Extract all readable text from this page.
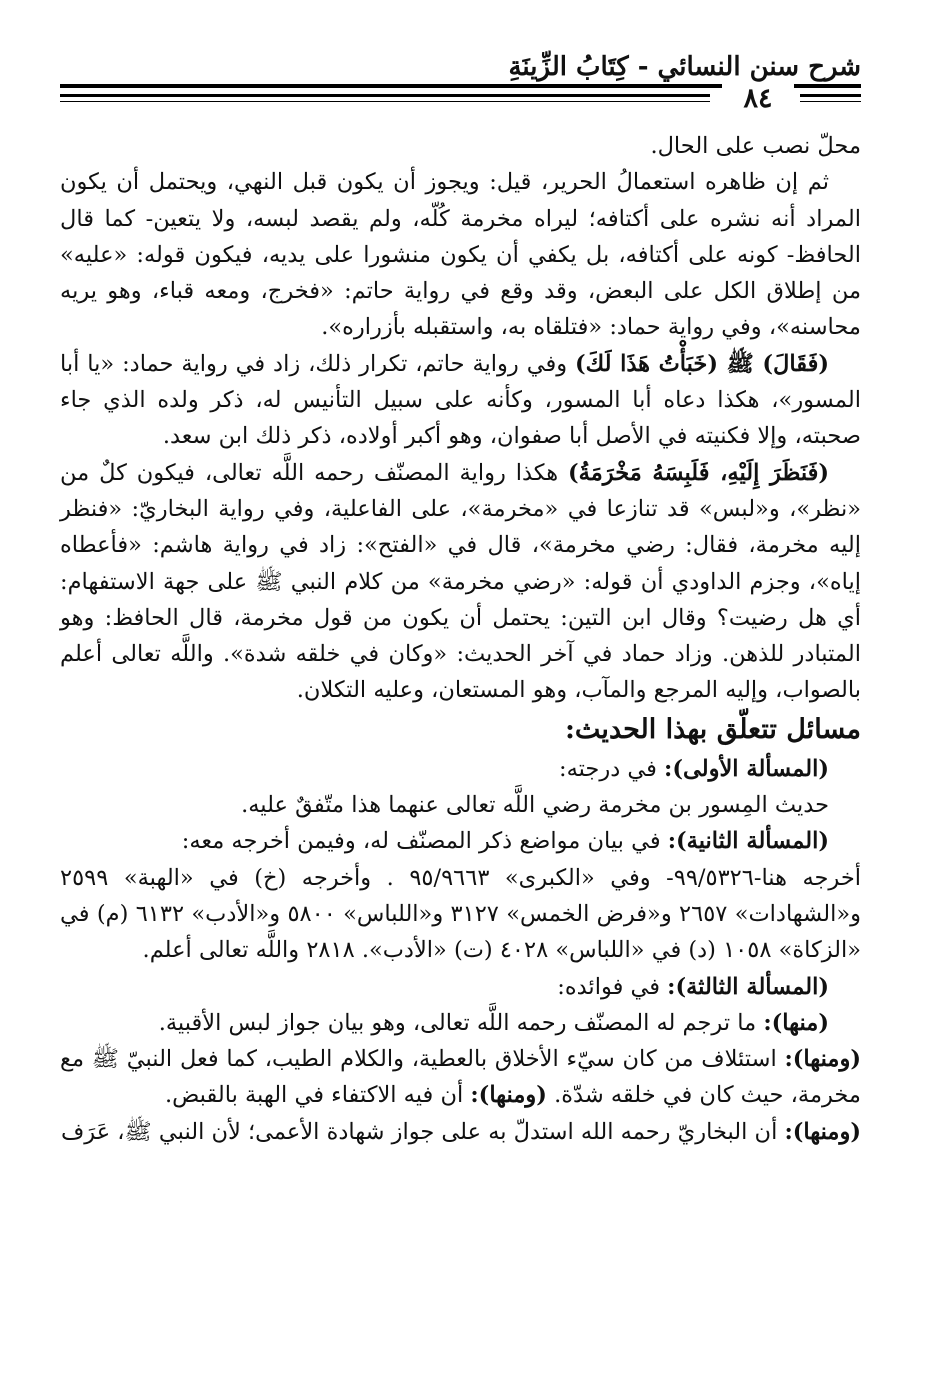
شرح سنن النسائي - كِتَابُ الزِّينَةِ
٨٤

محلّ نصب على الحال.

ثم إن ظاهره استعمالُ الحرير، قيل: ويجوز أن يكون قبل النهي، ويحتمل أن يكون المراد أنه نشره على أكتافه؛ ليراه مخرمة كُلّه، ولم يقصد لبسه، ولا يتعين- كما قال الحافظ- كونه على أكتافه، بل يكفي أن يكون منشورا على يديه، فيكون قوله: «عليه» من إطلاق الكل على البعض، وقد وقع في رواية حاتم: «فخرج، ومعه قباء، وهو يريه محاسنه»، وفي رواية حماد: «فتلقاه به، واستقبله بأزراره».

(فَقَالَ) ﷺ (خَبَأْتُ هَذَا لَكَ) وفي رواية حاتم، تكرار ذلك، زاد في رواية حماد: «يا أبا المسور»، هكذا دعاه أبا المسور، وكأنه على سبيل التأنيس له، ذكر ولده الذي جاء صحبته، وإلا فكنيته في الأصل أبا صفوان، وهو أكبر أولاده، ذكر ذلك ابن سعد.

(فَنَظَرَ إِلَيْهِ، فَلَبِسَهُ مَخْرَمَةُ) هكذا رواية المصنّف رحمه اللَّه تعالى، فيكون كلٌ من «نظر»، و«لبس» قد تنازعا في «مخرمة»، على الفاعلية، وفي رواية البخاريّ: «فنظر إليه مخرمة، فقال: رضي مخرمة»، قال في «الفتح»: زاد في رواية هاشم: «فأعطاه إياه»، وجزم الداودي أن قوله: «رضي مخرمة» من كلام النبي ﷺ على جهة الاستفهام: أي هل رضيت؟ وقال ابن التين: يحتمل أن يكون من قول مخرمة، قال الحافظ: وهو المتبادر للذهن. وزاد حماد في آخر الحديث: «وكان في خلقه شدة». واللَّه تعالى أعلم بالصواب، وإليه المرجع والمآب، وهو المستعان، وعليه التكلان.

مسائل تتعلّق بهذا الحديث:

(المسألة الأولى): في درجته:

حديث المِسور بن مخرمة رضي اللَّه تعالى عنهما هذا متّفقٌ عليه.

(المسألة الثانية): في بيان مواضع ذكر المصنّف له، وفيمن أخرجه معه:

أخرجه هنا-٩٩/٥٣٢٦- وفي «الكبرى» ٩٥/٩٦٦٣ . وأخرجه (خ) في «الهبة» ٢٥٩٩ و«الشهادات» ٢٦٥٧ و«فرض الخمس» ٣١٢٧ و«اللباس» ٥٨٠٠ و«الأدب» ٦١٣٢ (م) في «الزكاة» ١٠٥٨ (د) في «اللباس» ٤٠٢٨ (ت) «الأدب». ٢٨١٨ واللَّه تعالى أعلم.

(المسألة الثالثة): في فوائده:

(منها): ما ترجم له المصنّف رحمه اللَّه تعالى، وهو بيان جواز لبس الأقبية.

(ومنها): استئلاف من كان سيّء الأخلاق بالعطية، والكلام الطيب، كما فعل النبيّ ﷺ مع مخرمة، حيث كان في خلقه شدّة. (ومنها): أن فيه الاكتفاء في الهبة بالقبض.

(ومنها): أن البخاريّ رحمه الله استدلّ به على جواز شهادة الأعمى؛ لأن النبي ﷺ، عَرَف
